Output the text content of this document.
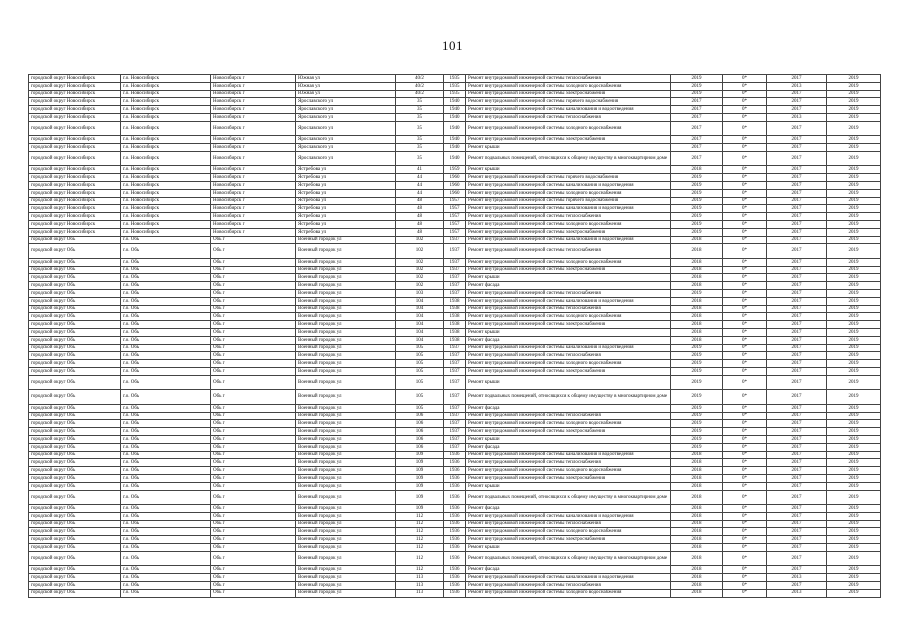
101
городской округ Новосибирск	г.о. Новосибирск	Новосибирск г	Южная ул	40/2	1935	Ремонт внутридомовой инженерной системы теплоснабжения	2019	0*	2017	2019
городской округ Новосибирск	г.о. Новосибирск	Новосибирск г	Южная ул	40/2	1935	Ремонт внутридомовой инженерной системы холодного водоснабжения	2019	0*	2013	2019
городской округ Новосибирск	г.о. Новосибирск	Новосибирск г	Южная ул	40/2	1935	Ремонт внутридомовой инженерной системы электроснабжения	2019	0*	2017	2019
городской округ Новосибирск	г.о. Новосибирск	Новосибирск г	Ярославского ул	35	1940	Ремонт внутридомовой инженерной системы горячего водоснабжения	2017	0*	2017	2019
городской округ Новосибирск	г.о. Новосибирск	Новосибирск г	Ярославского ул	35	1940	Ремонт внутридомовой инженерной системы канализования и водоотведения	2017	0*	2017	2019
городской округ Новосибирск	г.о. Новосибирск	Новосибирск г	Ярославского ул	35	1940	Ремонт внутридомовой инженерной системы теплоснабжения	2017	0*	2013	2019
городской округ Новосибирск	г.о. Новосибирск	Новосибирск г	Ярославского ул	35	1940	Ремонт внутридомовой инженерной системы холодного водоснабжения	2017	0*	2017	2019
городской округ Новосибирск	г.о. Новосибирск	Новосибирск г	Ярославского ул	35	1940	Ремонт внутридомовой инженерной системы электроснабжения	2017	0*	2017	2019
городской округ Новосибирск	г.о. Новосибирск	Новосибирск г	Ярославского ул	35	1940	Ремонт крыши	2017	0*	2017	2019
городской округ Новосибирск	г.о. Новосибирск	Новосибирск г	Ярославского ул	35	1940	Ремонт подвальных помещений, относящихся к общему имуществу в многоквартирном доме	2017	0*	2017	2019
городской округ Новосибирск	г.о. Новосибирск	Новосибирск г	Ястребова ул	41	1959	Ремонт крыши	2018	0*	2017	2019
городской округ Новосибирск	г.о. Новосибирск	Новосибирск г	Ястребова ул	44	1960	Ремонт внутридомовой инженерной системы горячего водоснабжения	2019	0*	2017	2019
городской округ Новосибирск	г.о. Новосибирск	Новосибирск г	Ястребова ул	44	1960	Ремонт внутридомовой инженерной системы канализования и водоотведения	2019	0*	2017	2019
городской округ Новосибирск	г.о. Новосибирск	Новосибирск г	Ястребова ул	44	1960	Ремонт внутридомовой инженерной системы холодного водоснабжения	2019	0*	2017	2019
городской округ Новосибирск	г.о. Новосибирск	Новосибирск г	Ястребова ул	48	1957	Ремонт внутридомовой инженерной системы горячего водоснабжения	2019	0*	2017	2019
городской округ Новосибирск	г.о. Новосибирск	Новосибирск г	Ястребова ул	48	1957	Ремонт внутридомовой инженерной системы канализования и водоотведения	2019	0*	2017	2019
городской округ Новосибирск	г.о. Новосибирск	Новосибирск г	Ястребова ул	48	1957	Ремонт внутридомовой инженерной системы теплоснабжения	2019	0*	2017	2019
городской округ Новосибирск	г.о. Новосибирск	Новосибирск г	Ястребова ул	48	1957	Ремонт внутридомовой инженерной системы холодного водоснабжения	2019	0*	2017	2019
городской округ Новосибирск	г.о. Новосибирск	Новосибирск г	Ястребова ул	48	1957	Ремонт внутридомовой инженерной системы электроснабжения	2019	0*	2017	2019
городской округ Обь	г.о. Обь	Обь г	Военный городок ул	102	1937	Ремонт внутридомовой инженерной системы канализования и водоотведения	2018	0*	2017	2019
городской округ Обь	г.о. Обь	Обь г	Военный городок ул	102	1937	Ремонт внутридомовой инженерной системы теплоснабжения	2018	0*	2017	2019
городской округ Обь	г.о. Обь	Обь г	Военный городок ул	102	1937	Ремонт внутридомовой инженерной системы холодного водоснабжения	2018	0*	2017	2019
городской округ Обь	г.о. Обь	Обь г	Военный городок ул	102	1937	Ремонт внутридомовой инженерной системы электроснабжения	2018	0*	2017	2019
городской округ Обь	г.о. Обь	Обь г	Военный городок ул	102	1937	Ремонт крыши	2018	0*	2017	2019
городской округ Обь	г.о. Обь	Обь г	Военный городок ул	102	1937	Ремонт фасада	2018	0*	2017	2019
городской округ Обь	г.о. Обь	Обь г	Военный городок ул	103	1937	Ремонт внутридомовой инженерной системы теплоснабжения	2019	0*	2017	2019
городской округ Обь	г.о. Обь	Обь г	Военный городок ул	104	1938	Ремонт внутридомовой инженерной системы канализования и водоотведения	2018	0*	2017	2019
городской округ Обь	г.о. Обь	Обь г	Военный городок ул	104	1938	Ремонт внутридомовой инженерной системы теплоснабжения	2018	0*	2017	2019
городской округ Обь	г.о. Обь	Обь г	Военный городок ул	104	1938	Ремонт внутридомовой инженерной системы холодного водоснабжения	2018	0*	2017	2019
городской округ Обь	г.о. Обь	Обь г	Военный городок ул	104	1938	Ремонт внутридомовой инженерной системы электроснабжения	2018	0*	2017	2019
городской округ Обь	г.о. Обь	Обь г	Военный городок ул	104	1938	Ремонт крыши	2018	0*	2017	2019
городской округ Обь	г.о. Обь	Обь г	Военный городок ул	104	1938	Ремонт фасада	2018	0*	2017	2019
городской округ Обь	г.о. Обь	Обь г	Военный городок ул	105	1937	Ремонт внутридомовой инженерной системы канализования и водоотведения	2019	0*	2017	2019
городской округ Обь	г.о. Обь	Обь г	Военный городок ул	105	1937	Ремонт внутридомовой инженерной системы теплоснабжения	2019	0*	2017	2019
городской округ Обь	г.о. Обь	Обь г	Военный городок ул	105	1937	Ремонт внутридомовой инженерной системы холодного водоснабжения	2019	0*	2017	2019
городской округ Обь	г.о. Обь	Обь г	Военный городок ул	105	1937	Ремонт внутридомовой инженерной системы электроснабжения	2019	0*	2017	2019
городской округ Обь	г.о. Обь	Обь г	Военный городок ул	105	1937	Ремонт крыши	2019	0*	2017	2019
городской округ Обь	г.о. Обь	Обь г	Военный городок ул	105	1937	Ремонт подвальных помещений, относящихся к общему имуществу в многоквартирном доме	2019	0*	2017	2019
городской округ Обь	г.о. Обь	Обь г	Военный городок ул	105	1937	Ремонт фасада	2019	0*	2017	2019
городской округ Обь	г.о. Обь	Обь г	Военный городок ул	106	1937	Ремонт внутридомовой инженерной системы теплоснабжения	2019	0*	2017	2019
городской округ Обь	г.о. Обь	Обь г	Военный городок ул	106	1937	Ремонт внутридомовой инженерной системы холодного водоснабжения	2019	0*	2017	2019
городской округ Обь	г.о. Обь	Обь г	Военный городок ул	106	1937	Ремонт внутридомовой инженерной системы электроснабжения	2019	0*	2017	2019
городской округ Обь	г.о. Обь	Обь г	Военный городок ул	106	1937	Ремонт крыши	2019	0*	2017	2019
городской округ Обь	г.о. Обь	Обь г	Военный городок ул	106	1937	Ремонт фасада	2019	0*	2017	2019
городской округ Обь	г.о. Обь	Обь г	Военный городок ул	109	1936	Ремонт внутридомовой инженерной системы канализования и водоотведения	2018	0*	2017	2019
городской округ Обь	г.о. Обь	Обь г	Военный городок ул	109	1936	Ремонт внутридомовой инженерной системы теплоснабжения	2018	0*	2017	2019
городской округ Обь	г.о. Обь	Обь г	Военный городок ул	109	1936	Ремонт внутридомовой инженерной системы холодного водоснабжения	2018	0*	2017	2019
городской округ Обь	г.о. Обь	Обь г	Военный городок ул	109	1936	Ремонт внутридомовой инженерной системы электроснабжения	2018	0*	2017	2019
городской округ Обь	г.о. Обь	Обь г	Военный городок ул	109	1936	Ремонт крыши	2018	0*	2017	2019
городской округ Обь	г.о. Обь	Обь г	Военный городок ул	109	1936	Ремонт подвальных помещений, относящихся к общему имуществу в многоквартирном доме	2018	0*	2017	2019
городской округ Обь	г.о. Обь	Обь г	Военный городок ул	109	1936	Ремонт фасада	2018	0*	2017	2019
городской округ Обь	г.о. Обь	Обь г	Военный городок ул	112	1936	Ремонт внутридомовой инженерной системы канализования и водоотведения	2018	0*	2017	2019
городской округ Обь	г.о. Обь	Обь г	Военный городок ул	112	1936	Ремонт внутридомовой инженерной системы теплоснабжения	2018	0*	2017	2019
городской округ Обь	г.о. Обь	Обь г	Военный городок ул	112	1936	Ремонт внутридомовой инженерной системы холодного водоснабжения	2018	0*	2017	2019
городской округ Обь	г.о. Обь	Обь г	Военный городок ул	112	1936	Ремонт внутридомовой инженерной системы электроснабжения	2018	0*	2017	2019
городской округ Обь	г.о. Обь	Обь г	Военный городок ул	112	1936	Ремонт крыши	2018	0*	2017	2019
городской округ Обь	г.о. Обь	Обь г	Военный городок ул	112	1936	Ремонт подвальных помещений, относящихся к общему имуществу в многоквартирном доме	2018	0*	2017	2019
городской округ Обь	г.о. Обь	Обь г	Военный городок ул	112	1936	Ремонт фасада	2018	0*	2017	2019
городской округ Обь	г.о. Обь	Обь г	Военный городок ул	113	1936	Ремонт внутридомовой инженерной системы канализования и водоотведения	2018	0*	2013	2019
городской округ Обь	г.о. Обь	Обь г	Военный городок ул	113	1936	Ремонт внутридомовой инженерной системы теплоснабжения	2018	0*	2017	2019
городской округ Обь	г.о. Обь	Обь г	Военный городок ул	113	1936	Ремонт внутридомовой инженерной системы холодного водоснабжения	2018	0*	2013	2019
